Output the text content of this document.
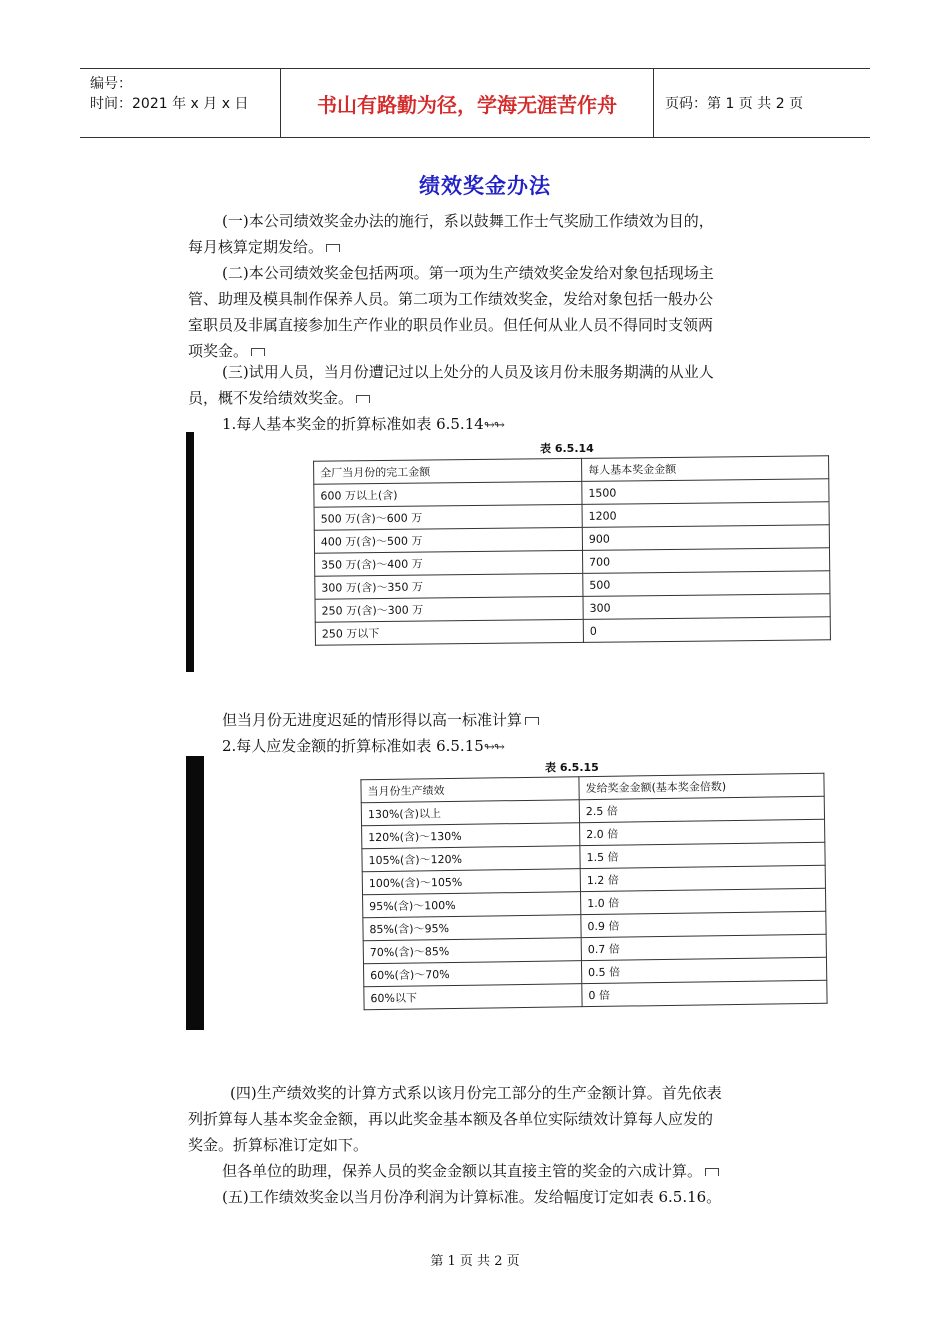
编号：
时间：2021 年 x 月 x 日	书山有路勤为径，学海无涯苦作舟	页码：第 1 页 共 2 页
绩效奖金办法
(一)本公司绩效奖金办法的施行，系以鼓舞工作士气奖励工作绩效为目的，
每月核算定期发给。
(二)本公司绩效奖金包括两项。第一项为生产绩效奖金发给对象包括现场主
管、助理及模具制作保养人员。第二项为工作绩效奖金，发给对象包括一般办公
室职员及非属直接参加生产作业的职员作业员。但任何从业人员不得同时支领两
项奖金。
(三)试用人员，当月份遭记过以上处分的人员及该月份未服务期满的从业人
员，概不发给绩效奖金。
1.每人基本奖金的折算标准如表 6.5.14↬↬
表 6.5.14
全厂当月份的完工金额	每人基本奖金金额
600 万以上(含)	1500
500 万(含)～600 万	1200
400 万(含)～500 万	900
350 万(含)～400 万	700
300 万(含)～350 万	500
250 万(含)～300 万	300
250 万以下	0
但当月份无进度迟延的情形得以高一标准计算
2.每人应发金额的折算标准如表 6.5.15↬↬
表 6.5.15
当月份生产绩效	发给奖金金额(基本奖金倍数)
130%(含)以上	2.5 倍
120%(含)～130%	2.0 倍
105%(含)～120%	1.5 倍
100%(含)～105%	1.2 倍
95%(含)～100%	1.0 倍
85%(含)～95%	0.9 倍
70%(含)～85%	0.7 倍
60%(含)～70%	0.5 倍
60%以下	0 倍
(四)生产绩效奖的计算方式系以该月份完工部分的生产金额计算。首先依表
列折算每人基本奖金金额，再以此奖金基本额及各单位实际绩效计算每人应发的
奖金。折算标准订定如下。
但各单位的助理，保养人员的奖金金额以其直接主管的奖金的六成计算。
(五)工作绩效奖金以当月份净利润为计算标准。发给幅度订定如表 6.5.16。
第 1 页 共 2 页
